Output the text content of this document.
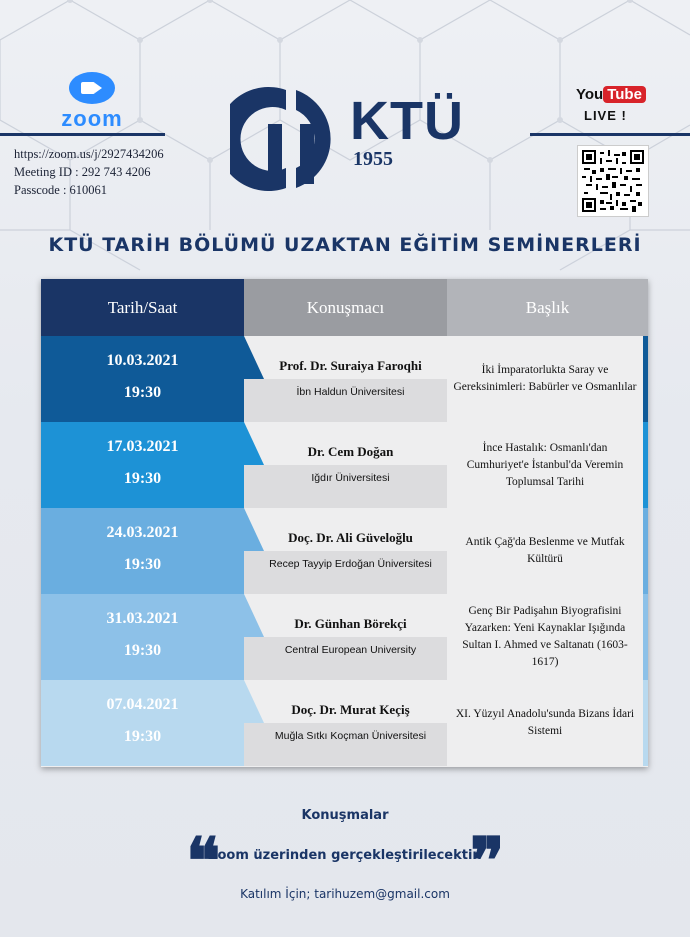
zoom
https://zoom.us/j/2927434206
Meeting ID : 292 743 4206
Passcode : 610061
KTÜ
1955
You Tube
LIVE !
KTÜ TARİH BÖLÜMÜ UZAKTAN EĞİTİM SEMİNERLERİ
Tarih/Saat	Konuşmacı	Başlık
10.03.2021
19:30
Prof. Dr. Suraiya Faroqhi
İbn Haldun Üniversitesi
İki İmparatorlukta Saray ve Gereksinimleri: Babürler ve Osmanlılar
17.03.2021
19:30
Dr. Cem Doğan
Iğdır Üniversitesi
İnce Hastalık: Osmanlı'dan Cumhuriyet'e İstanbul'da Veremin Toplumsal Tarihi
24.03.2021
19:30
Doç. Dr. Ali Güveloğlu
Recep Tayyip Erdoğan Üniversitesi
Antik Çağ'da Beslenme ve Mutfak Kültürü
31.03.2021
19:30
Dr. Günhan Börekçi
Central European University
Genç Bir Padişahın Biyografisini Yazarken: Yeni Kaynaklar Işığında Sultan I. Ahmed ve Saltanatı (1603-1617)
07.04.2021
19:30
Doç. Dr. Murat Keçiş
Muğla Sıtkı Koçman Üniversitesi
XI. Yüzyıl Anadolu'sunda Bizans İdari Sistemi
Konuşmalar
❝
Zoom üzerinden gerçekleştirilecektir.
❞
Katılım İçin; tarihuzem@gmail.com
